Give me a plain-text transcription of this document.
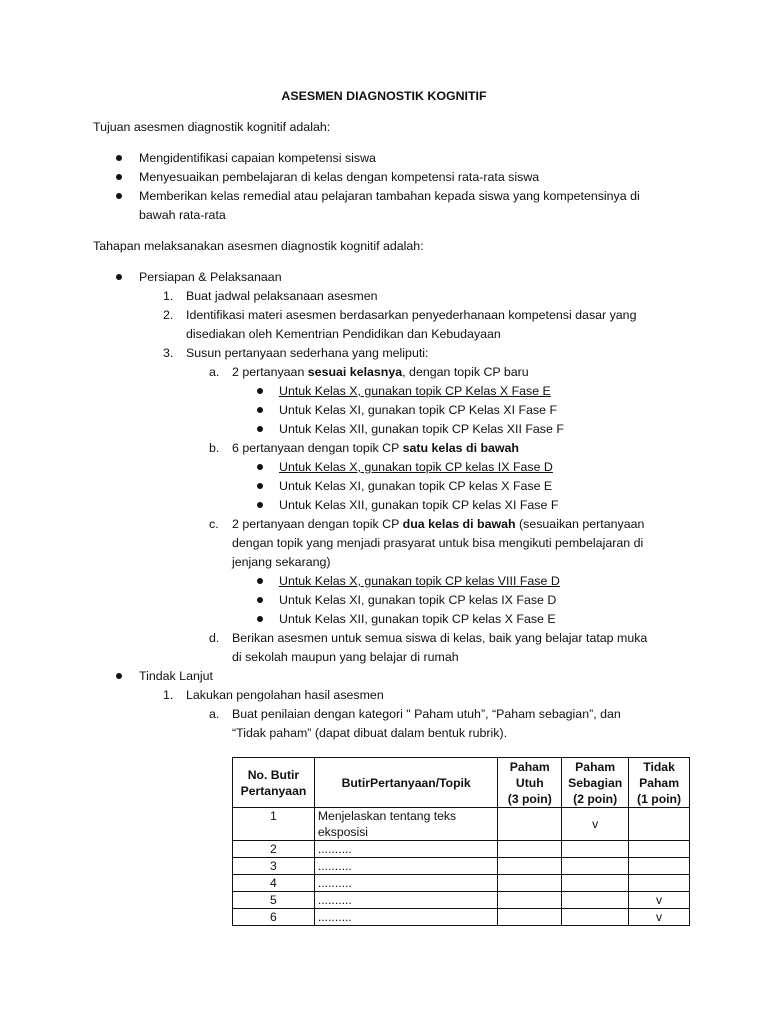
ASESMEN DIAGNOSTIK KOGNITIF
Tujuan asesmen diagnostik kognitif adalah:
Mengidentifikasi capaian kompetensi siswa
Menyesuaikan pembelajaran di kelas dengan kompetensi rata-rata siswa
Memberikan kelas remedial atau pelajaran tambahan kepada siswa yang kompetensinya di
bawah rata-rata
Tahapan melaksanakan asesmen diagnostik kognitif adalah:
Persiapan & Pelaksanaan
1. Buat jadwal pelaksanaan asesmen
2. Identifikasi materi asesmen berdasarkan penyederhanaan kompetensi dasar yang
disediakan oleh Kementrian Pendidikan dan Kebudayaan
3. Susun pertanyaan sederhana yang meliputi:
a. 2 pertanyaan sesuai kelasnya, dengan topik CP baru
Untuk Kelas X, gunakan topik CP Kelas X Fase E
Untuk Kelas XI, gunakan topik CP Kelas XI Fase F
Untuk Kelas XII, gunakan topik CP Kelas XII Fase F
b. 6 pertanyaan dengan topik CP satu kelas di bawah
Untuk Kelas X, gunakan topik CP kelas IX Fase D
Untuk Kelas XI, gunakan topik CP kelas X Fase E
Untuk Kelas XII, gunakan topik CP kelas XI Fase F
c. 2 pertanyaan dengan topik CP dua kelas di bawah (sesuaikan pertanyaan
dengan topik yang menjadi prasyarat untuk bisa mengikuti pembelajaran di
jenjang sekarang)
Untuk Kelas X, gunakan topik CP kelas VIII Fase D
Untuk Kelas XI, gunakan topik CP kelas IX Fase D
Untuk Kelas XII, gunakan topik CP kelas X Fase E
d. Berikan asesmen untuk semua siswa di kelas, baik yang belajar tatap muka
di sekolah maupun yang belajar di rumah
Tindak Lanjut
1. Lakukan pengolahan hasil asesmen
a. Buat penilaian dengan kategori " Paham utuh”, “Paham sebagian”, dan
“Tidak paham” (dapat dibuat dalam bentuk rubrik).
No. Butir
Pertanyaan	ButirPertanyaan/Topik	Paham
Utuh
(3 poin)	Paham
Sebagian
(2 poin)	Tidak
Paham
(1 poin)
1	Menjelaskan tentang teks
eksposisi		v	
2	..........			
3	..........			
4	..........			
5	..........			v
6	..........			v
